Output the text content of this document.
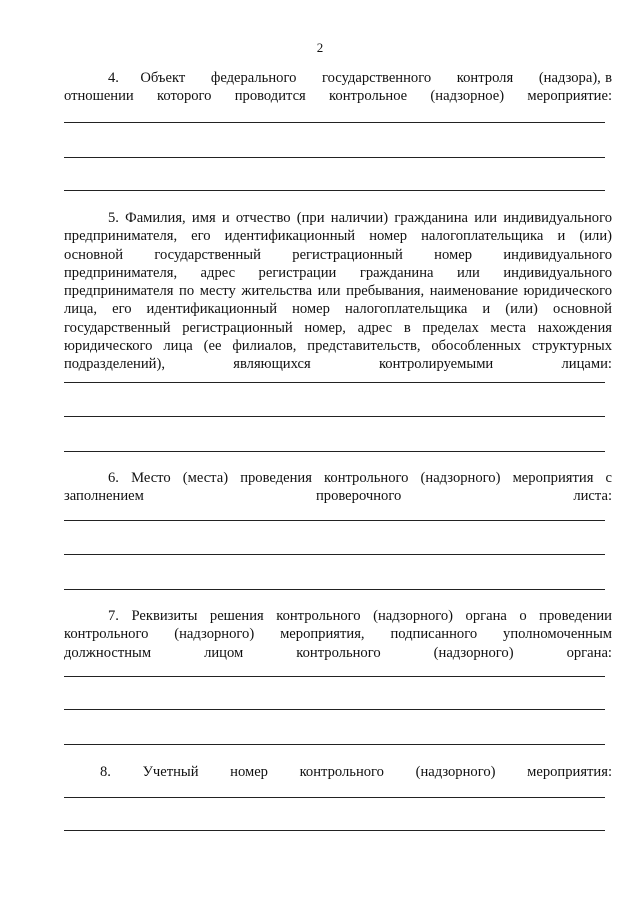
2

4.     Объект      федерального      государственного      контроля      (надзора), в отношении которого проводится контрольное (надзорное) мероприятие:

5. Фамилия, имя и отчество (при наличии) гражданина или индивидуального предпринимателя, его идентификационный номер налогоплательщика и (или) основной государственный регистрационный номер индивидуального предпринимателя, адрес регистрации гражданина или индивидуального предпринимателя по месту жительства или пребывания, наименование юридического лица, его идентификационный номер налогоплательщика и (или) основной государственный регистрационный номер, адрес в пределах места нахождения юридического лица (ее филиалов, представительств, обособленных структурных подразделений), являющихся контролируемыми лицами:

6. Место (места) проведения контрольного (надзорного) мероприятия с заполнением проверочного листа:

7. Реквизиты решения контрольного (надзорного) органа о проведении контрольного (надзорного) мероприятия, подписанного уполномоченным должностным лицом контрольного (надзорного) органа:

8. Учетный номер контрольного (надзорного) мероприятия:
